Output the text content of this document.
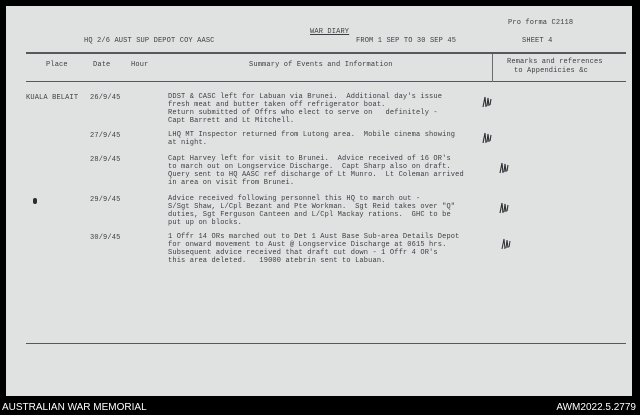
Pro forma C2118
WAR DIARY
HQ 2/6 AUST SUP DEPOT COY AASC	FROM 1 SEP TO 30 SEP 45	SHEET 4
Place	Date	Hour	Summary of Events and Information	Remarks and references
to Appendicies &c
KUALA BELAIT 26/9/45	DDST & CASC left for Labuan via Brunei.  Additional day's issue
fresh meat and butter taken off refrigerator boat.
Return submitted of Offrs who elect to serve on   definitely -
Capt Barrett and Lt Mitchell.
27/9/45	LHQ MT Inspector returned from Lutong area.  Mobile cinema showing
at night.
28/9/45	Capt Harvey left for visit to Brunei.  Advice received of 16 OR's
to march out on Longservice Discharge.  Capt Sharp also on draft.
Query sent to HQ AASC ref discharge of Lt Munro.  Lt Coleman arrived
in area on visit from Brunei.
29/9/45	Advice received following personnel this HQ to march out -
S/Sgt Shaw, L/Cpl Bezant and Pte Workman.  Sgt Reid takes over "Q"
duties, Sgt Ferguson Canteen and L/Cpl Mackay rations.  GHC to be
put up on blocks.
30/9/45	1 Offr 14 ORs marched out to Det 1 Aust Base Sub-area Details Depot
for onward movement to Aust @ Longservice Discharge at 0615 hrs.
Subsequent advice received that draft cut down - 1 Offr 4 OR's
this area deleted.   19000 atebrin sent to Labuan.
AUSTRALIAN WAR MEMORIAL	AWM2022.5.2779
